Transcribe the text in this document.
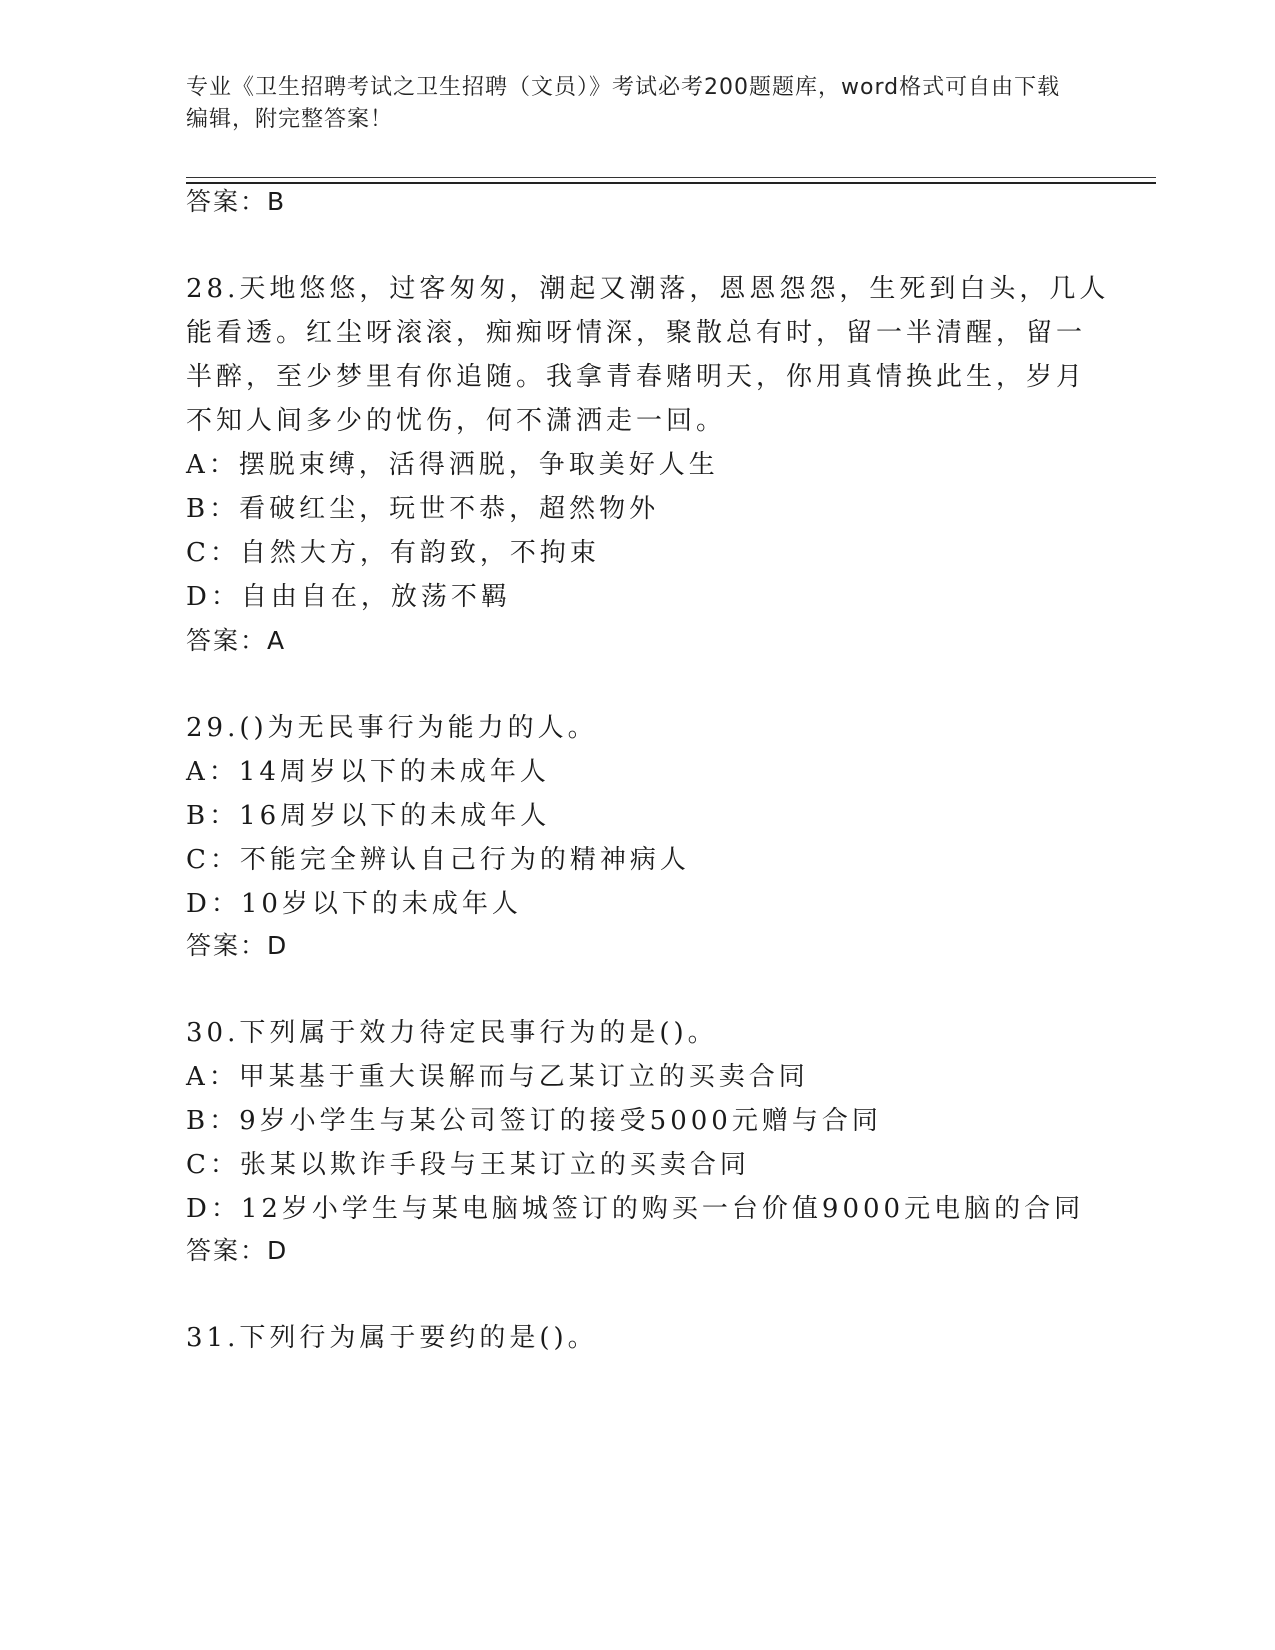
专业《卫生招聘考试之卫生招聘（文员）》考试必考200题题库，word格式可自由下载编辑，附完整答案！
答案：B
28.天地悠悠，过客匆匆，潮起又潮落，恩恩怨怨，生死到白头，几人
能看透。红尘呀滚滚，痴痴呀情深，聚散总有时，留一半清醒，留一
半醉，至少梦里有你追随。我拿青春赌明天，你用真情换此生，岁月
不知人间多少的忧伤，何不潇洒走一回。
A：摆脱束缚，活得洒脱，争取美好人生
B：看破红尘，玩世不恭，超然物外
C：自然大方，有韵致，不拘束
D：自由自在，放荡不羁
答案：A
29.()为无民事行为能力的人。
A：14周岁以下的未成年人
B：16周岁以下的未成年人
C：不能完全辨认自己行为的精神病人
D：10岁以下的未成年人
答案：D
30.下列属于效力待定民事行为的是()。
A：甲某基于重大误解而与乙某订立的买卖合同
B：9岁小学生与某公司签订的接受5000元赠与合同
C：张某以欺诈手段与王某订立的买卖合同
D：12岁小学生与某电脑城签订的购买一台价值9000元电脑的合同
答案：D
31.下列行为属于要约的是()。
